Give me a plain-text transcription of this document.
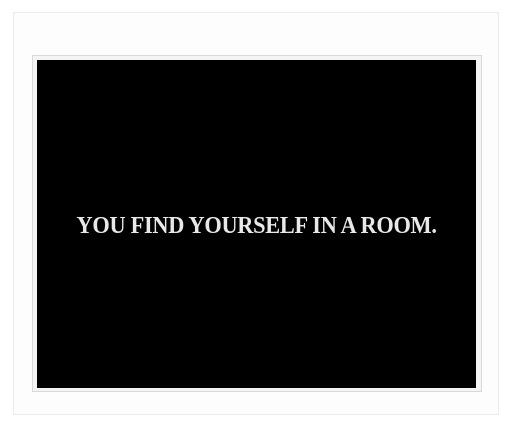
YOU FIND YOURSELF IN A ROOM.
